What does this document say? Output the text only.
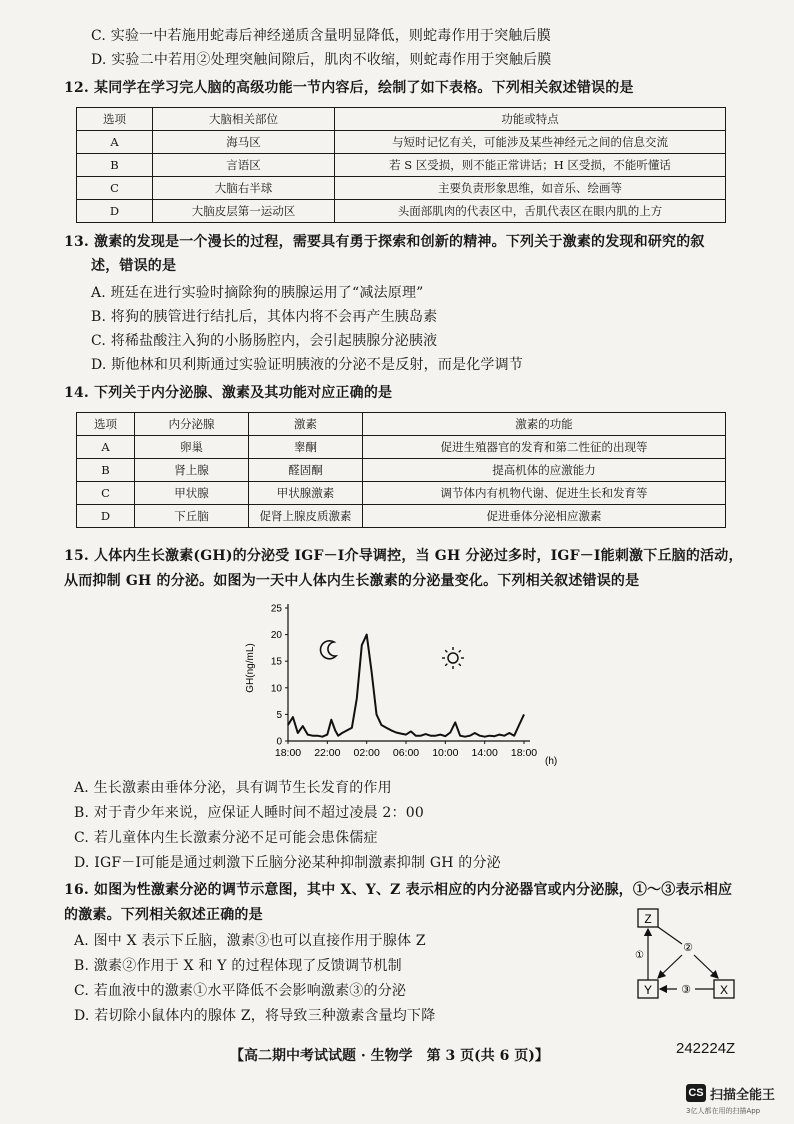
C. 实验一中若施用蛇毒后神经递质含量明显降低，则蛇毒作用于突触后膜
D. 实验二中若用②处理突触间隙后，肌肉不收缩，则蛇毒作用于突触后膜
12. 某同学在学习完人脑的高级功能一节内容后，绘制了如下表格。下列相关叙述错误的是
选项	大脑相关部位	功能或特点
A	海马区	与短时记忆有关，可能涉及某些神经元之间的信息交流
B	言语区	若 S 区受损，则不能正常讲话；H 区受损，不能听懂话
C	大脑右半球	主要负责形象思维，如音乐、绘画等
D	大脑皮层第一运动区	头面部肌肉的代表区中，舌肌代表区在眼内肌的上方
13. 激素的发现是一个漫长的过程，需要具有勇于探索和创新的精神。下列关于激素的发现和研究的叙
述，错误的是
A. 班廷在进行实验时摘除狗的胰腺运用了“减法原理”
B. 将狗的胰管进行结扎后，其体内将不会再产生胰岛素
C. 将稀盐酸注入狗的小肠肠腔内，会引起胰腺分泌胰液
D. 斯他林和贝利斯通过实验证明胰液的分泌不是反射，而是化学调节
14. 下列关于内分泌腺、激素及其功能对应正确的是
选项	内分泌腺	激素	激素的功能
A	卵巢	睾酮	促进生殖器官的发育和第二性征的出现等
B	肾上腺	醛固酮	提高机体的应激能力
C	甲状腺	甲状腺激素	调节体内有机物代谢、促进生长和发育等
D	下丘脑	促肾上腺皮质激素	促进垂体分泌相应激素
15. 人体内生长激素(GH)的分泌受 IGF－Ⅰ介导调控，当 GH 分泌过多时，IGF－Ⅰ能刺激下丘脑的活动，
从而抑制 GH 的分泌。如图为一天中人体内生长激素的分泌量变化。下列相关叙述错误的是
GH(ng/mL)
0
5
10
15
20
25
18:00 22:00 02:00 06:00 10:00 14:00 18:00
(h)
A. 生长激素由垂体分泌，具有调节生长发育的作用
B. 对于青少年来说，应保证人睡时间不超过凌晨 2：00
C. 若儿童体内生长激素分泌不足可能会患侏儒症
D. IGF－Ⅰ可能是通过刺激下丘脑分泌某种抑制激素抑制 GH 的分泌
16. 如图为性激素分泌的调节示意图，其中 X、Y、Z 表示相应的内分泌器官或内分泌腺，①～③表示相应
的激素。下列相关叙述正确的是
A. 图中 X 表示下丘脑，激素③也可以直接作用于腺体 Z
B. 激素②作用于 X 和 Y 的过程体现了反馈调节机制
C. 若血液中的激素①水平降低不会影响激素③的分泌
D. 若切除小鼠体内的腺体 Z，将导致三种激素含量均下降
Z
Y	X
①
②
③
【高二期中考试试题 · 生物学　第 3 页(共 6 页)】	242224Z
CS 扫描全能王
3亿人都在用的扫描App
